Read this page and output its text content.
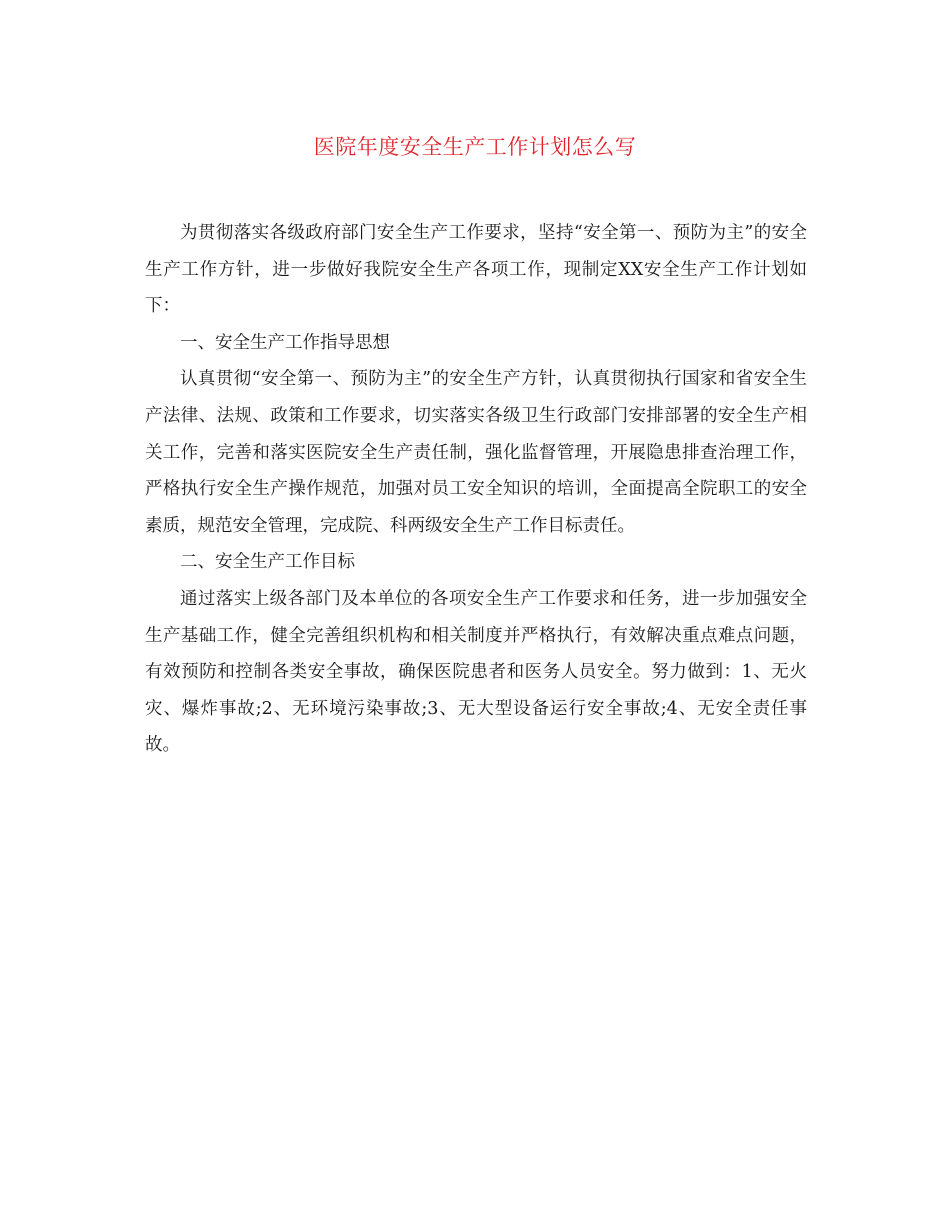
医院年度安全生产工作计划怎么写

为贯彻落实各级政府部门安全生产工作要求，坚持“安全第一、预防为主”的安全生产工作方针，进一步做好我院安全生产各项工作，现制定XX安全生产工作计划如下：

一、安全生产工作指导思想

认真贯彻“安全第一、预防为主”的安全生产方针，认真贯彻执行国家和省安全生产法律、法规、政策和工作要求，切实落实各级卫生行政部门安排部署的安全生产相关工作，完善和落实医院安全生产责任制，强化监督管理，开展隐患排查治理工作，严格执行安全生产操作规范，加强对员工安全知识的培训，全面提高全院职工的安全素质，规范安全管理，完成院、科两级安全生产工作目标责任。

二、安全生产工作目标

通过落实上级各部门及本单位的各项安全生产工作要求和任务，进一步加强安全生产基础工作，健全完善组织机构和相关制度并严格执行，有效解决重点难点问题，有效预防和控制各类安全事故，确保医院患者和医务人员安全。努力做到：1、无火灾、爆炸事故;2、无环境污染事故;3、无大型设备运行安全事故;4、无安全责任事故。
